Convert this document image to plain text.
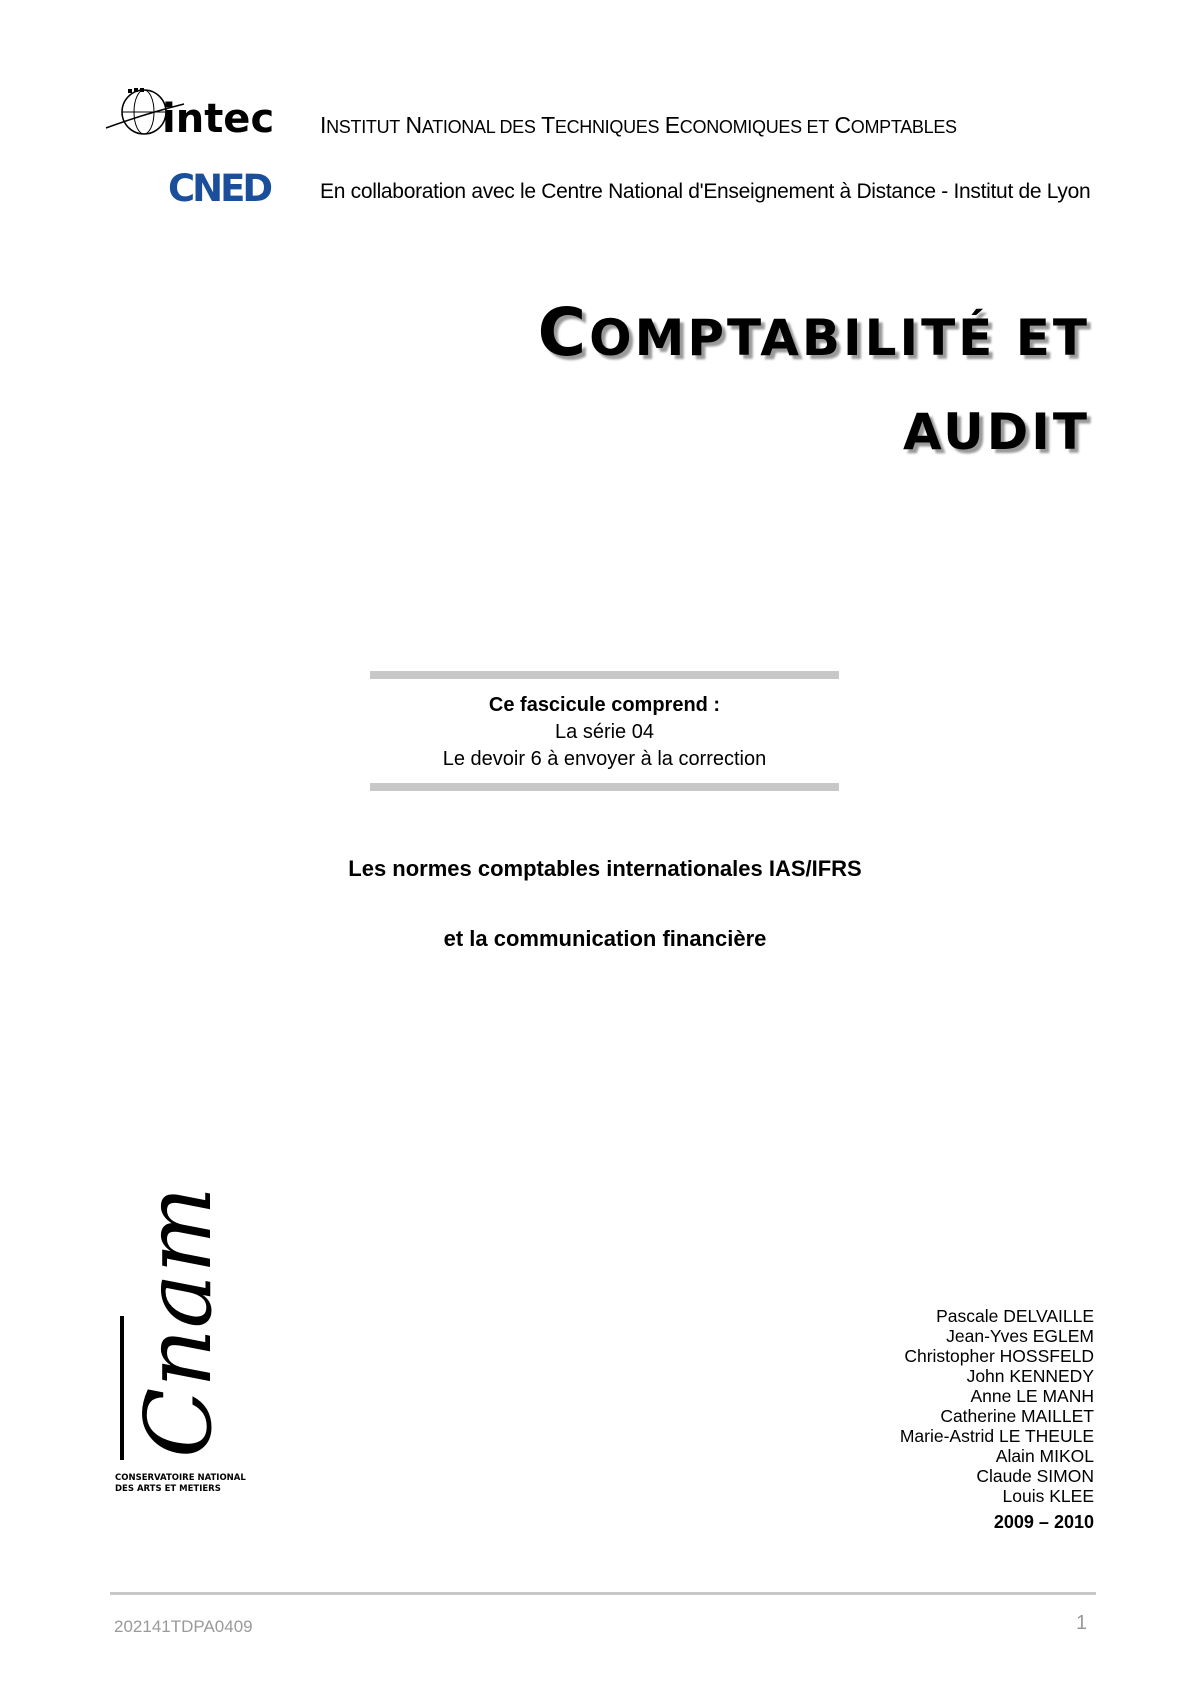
intec
CNED
INSTITUT NATIONAL DES TECHNIQUES ECONOMIQUES ET COMPTABLES
En collaboration avec le Centre National d'Enseignement à Distance - Institut de Lyon
COMPTABILITÉ ET
AUDIT
Ce fascicule comprend :
La série 04
Le devoir 6 à envoyer à la correction
Les normes comptables internationales IAS/IFRS
et la communication financière
Cnam
CONSERVATOIRE NATIONAL
DES ARTS ET METIERS
Pascale DELVAILLE
Jean-Yves EGLEM
Christopher HOSSFELD
John KENNEDY
Anne LE MANH
Catherine MAILLET
Marie-Astrid LE THEULE
Alain MIKOL
Claude SIMON
Louis KLEE
2009 – 2010
202141TDPA0409	1
